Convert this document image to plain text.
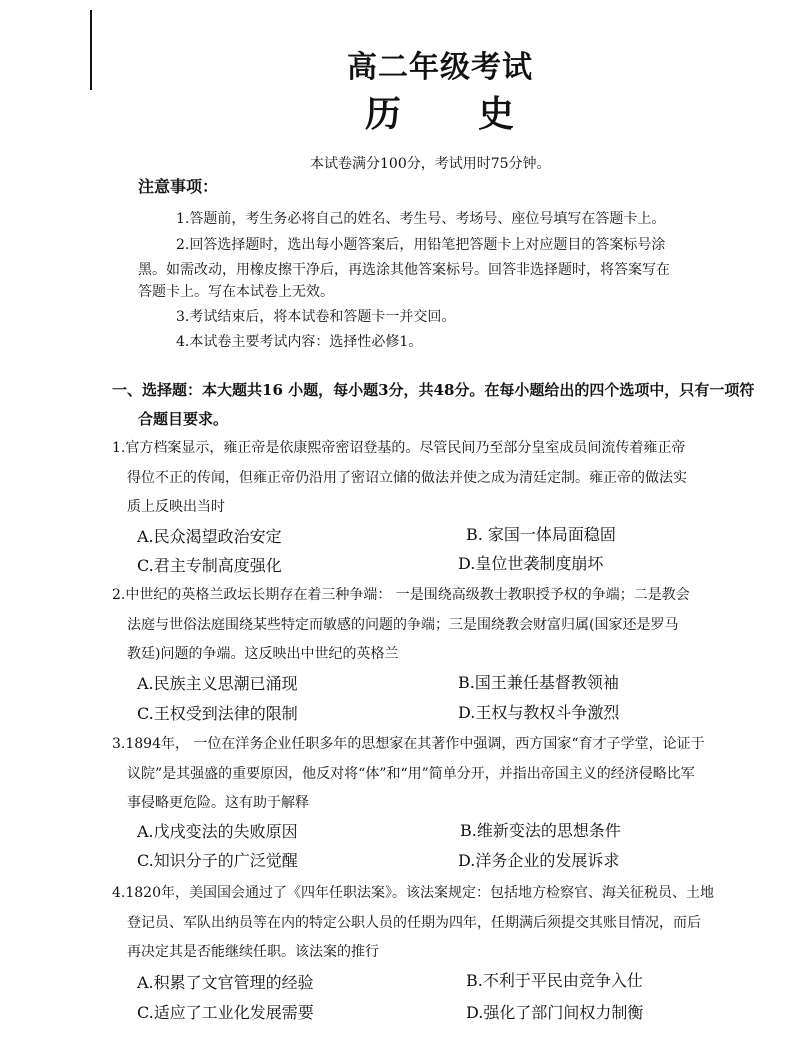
高二年级考试
历 史
本试卷满分100分，考试用时75分钟。
注意事项：
1.答题前，考生务必将自己的姓名、考生号、考场号、座位号填写在答题卡上。
2.回答选择题时，选出每小题答案后，用铅笔把答题卡上对应题目的答案标号涂
黑。如需改动，用橡皮擦干净后，再选涂其他答案标号。回答非选择题时，将答案写在
答题卡上。写在本试卷上无效。
3.考试结束后，将本试卷和答题卡一并交回。
4.本试卷主要考试内容：选择性必修1。
一、选择题：本大题共16 小题，每小题3分，共48分。在每小题给出的四个选项中，只有一项符
合题目要求。
1.官方档案显示，雍正帝是依康熙帝密诏登基的。尽管民间乃至部分皇室成员间流传着雍正帝
得位不正的传闻，但雍正帝仍沿用了密诏立储的做法并使之成为清廷定制。雍正帝的做法实
质上反映出当时
A.民众渴望政治安定	B. 家国一体局面稳固
C.君主专制高度强化	D.皇位世袭制度崩坏
2.中世纪的英格兰政坛长期存在着三种争端： 一是围绕高级教士教职授予权的争端；二是教会
法庭与世俗法庭围绕某些特定而敏感的问题的争端；三是围绕教会财富归属(国家还是罗马
教廷)问题的争端。这反映出中世纪的英格兰
A.民族主义思潮已涌现	B.国王兼任基督教领袖
C.王权受到法律的限制	D.王权与教权斗争激烈
3.1894年， 一位在洋务企业任职多年的思想家在其著作中强调，西方国家“育才子学堂，论证于
议院”是其强盛的重要原因，他反对将“体”和“用”简单分开，并指出帝国主义的经济侵略比军
事侵略更危险。这有助于解释
A.戊戌变法的失败原因	B.维新变法的思想条件
C.知识分子的广泛觉醒	D.洋务企业的发展诉求
4.1820年，美国国会通过了《四年任职法案》。该法案规定：包括地方检察官、海关征税员、土地
登记员、军队出纳员等在内的特定公职人员的任期为四年，任期满后须提交其账目情况，而后
再决定其是否能继续任职。该法案的推行
A.积累了文官管理的经验	B.不利于平民由竞争入仕
C.适应了工业化发展需要	D.强化了部门间权力制衡
